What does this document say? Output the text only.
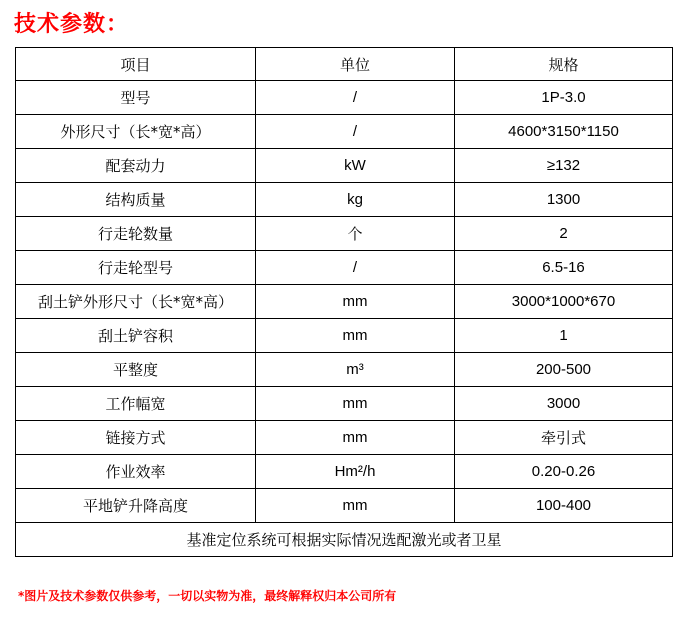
技术参数：
项目	单位	规格
型号	/	1P-3.0
外形尺寸（长*宽*高）	/	4600*3150*1150
配套动力	kW	≥132
结构质量	kg	1300
行走轮数量	个	2
行走轮型号	/	6.5-16
刮土铲外形尺寸（长*宽*高）	mm	3000*1000*670
刮土铲容积	mm	1
平整度	m³	200-500
工作幅宽	mm	3000
链接方式	mm	牵引式
作业效率	Hm²/h	0.20-0.26
平地铲升降高度	mm	100-400
基准定位系统可根据实际情况选配激光或者卫星		
*图片及技术参数仅供参考，一切以实物为准，最终解释权归本公司所有
